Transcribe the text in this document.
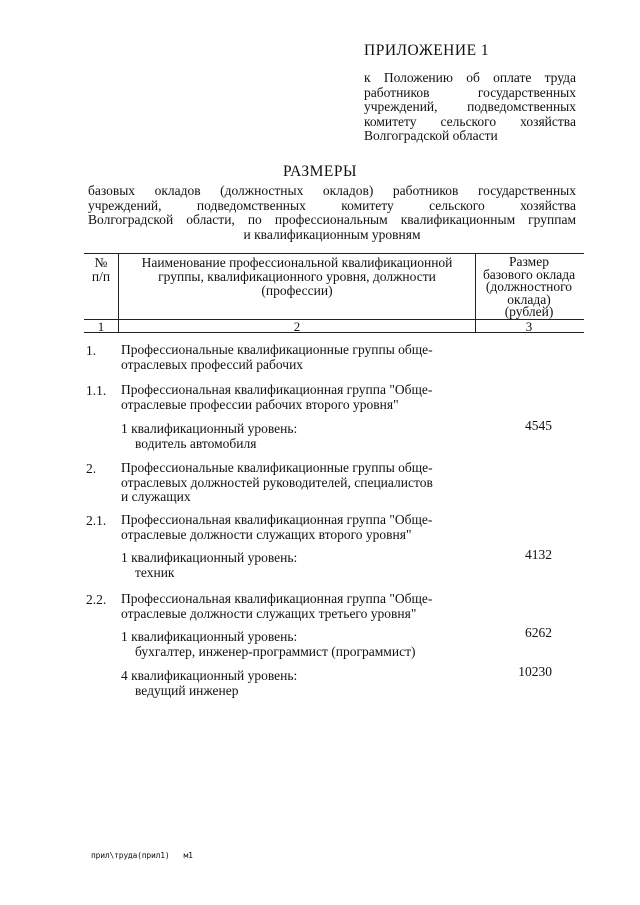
ПРИЛОЖЕНИЕ 1
к Положению об оплате труда
работников государственных
учреждений, подведомственных
комитету сельского хозяйства
Волгоградской области
РАЗМЕРЫ
базовых окладов (должностных окладов) работников государственных
учреждений, подведомственных комитету сельского хозяйства
Волгоградской области, по профессиональным квалификационным группам
и квалификационным уровням
№
п/п
Наименование профессиональной квалификационной
группы, квалификационного уровня, должности
(профессии)
Размер
базового оклада
(должностного
оклада)
(рублей)
1	2	3
1. Профессиональные квалификационные группы обще-
отраслевых профессий рабочих
1.1. Профессиональная квалификационная группа "Обще-
отраслевые профессии рабочих второго уровня"
1 квалификационный уровень:
водитель автомобиля
4545
2. Профессиональные квалификационные группы обще-
отраслевых должностей руководителей, специалистов
и служащих
2.1. Профессиональная квалификационная группа "Обще-
отраслевые должности служащих второго уровня"
1 квалификационный уровень:
техник
4132
2.2. Профессиональная квалификационная группа "Обще-
отраслевые должности служащих третьего уровня"
1 квалификационный уровень:
бухгалтер, инженер-программист (программист)
6262
4 квалификационный уровень:
ведущий инженер
10230
прил\труда(прил1) м1
